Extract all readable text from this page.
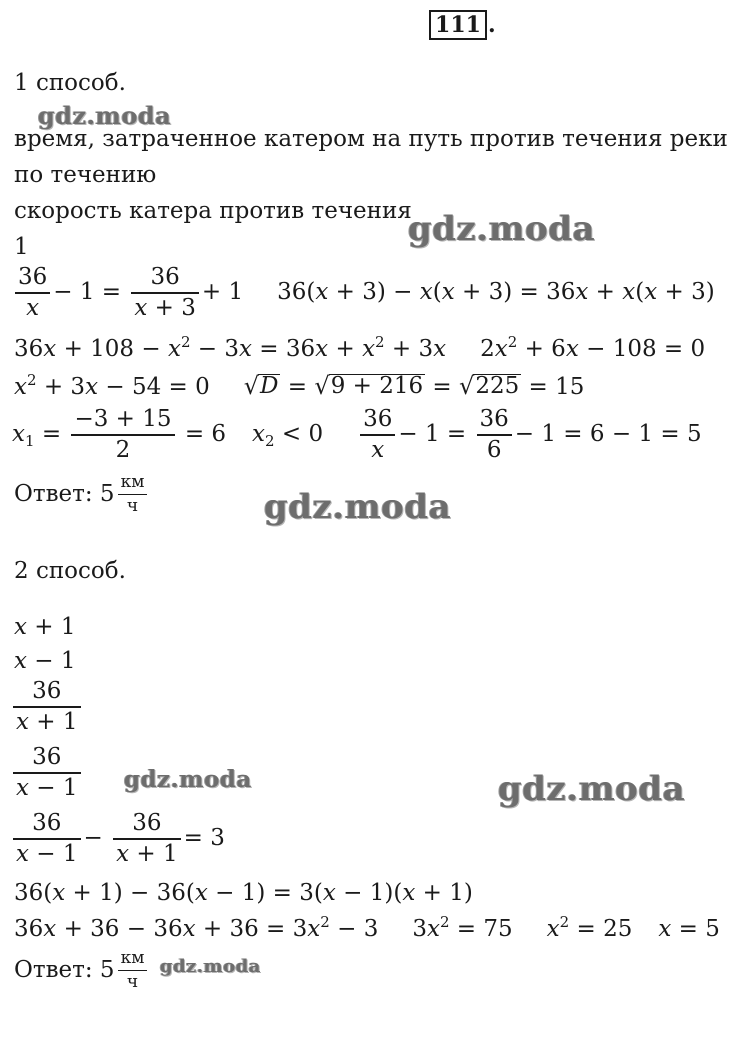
111 .
1 способ.
время, затраченное катером на путь против течения реки
по течению
скорость катера против течения
1
$\frac{36}{x} - 1 = \frac{36}{x + 3} + 1$ 36(x + 3) − x(x + 3) = 36x + x(x + 3)
$36x + 108 - x^2 - 3x = 36x + x^2 + 3x$ $2x^2 + 6x - 108 = 0$
$x^2 + 3x - 54 = 0$ √ D = √ 9 + 216 = √ 225 = 15
$x_1 = \frac{-3 + 15}{2} = 6$ $x_2 < 0 \frac{36}{x} - 1 = \frac{36}{6} - 1 = 6 - 1 = 5$
Ответ: $5 \frac{км}{ч}$
2 способ.
x + 1
x − 1
$\frac{36}{x + 1}$
$\frac{36}{x - 1}$
$\frac{36}{x - 1} - \frac{36}{x + 1} = 3$
36(x + 1) − 36(x − 1) = 3(x − 1)(x + 1)
$36x + 36 - 36x + 36 = 3x^2 - 3$ $3x^2 = 75$ $x^2 = 25$ x = 5
Ответ: $5 \frac{км}{ч}$
gdz.moda
gdz.moda
gdz.moda
gdz.moda	gdz.moda
gdz.moda
